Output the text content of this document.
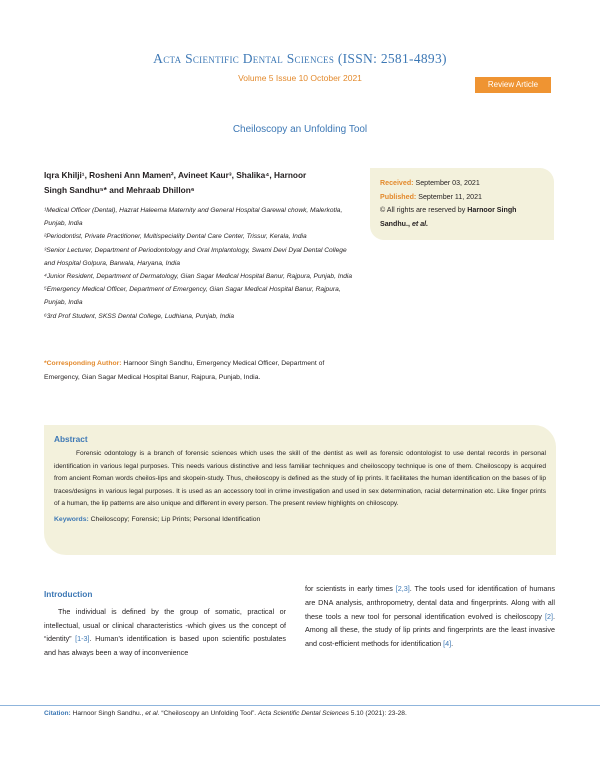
Acta Scientific Dental Sciences (ISSN: 2581-4893)
Volume 5 Issue 10 October 2021
Review Article
Cheiloscopy an Unfolding Tool
Iqra Khilji¹, Rosheni Ann Mamen², Avineet Kaur³, Shalika⁴, Harnoor
Singh Sandhu⁵* and Mehraab Dhillon⁶

¹Medical Officer (Dental), Hazrat Haleema Maternity and General Hospital Garewal chowk, Malerkotla, Punjab, India

²Periodontist, Private Practitioner, Multispeciality Dental Care Center, Trissur, Kerala, India

³Senior Lecturer, Department of Periodontology and Oral Implantology, Swami Devi Dyal Dental College and Hospital Golpura, Barwala, Haryana, India

⁴Junior Resident, Department of Dermatology, Gian Sagar Medical Hospital Banur, Rajpura, Punjab, India

⁵Emergency Medical Officer, Department of Emergency, Gian Sagar Medical Hospital Banur, Rajpura, Punjab, India

⁶3rd Prof Student, SKSS Dental College, Ludhiana, Punjab, India

*Corresponding Author: Harnoor Singh Sandhu, Emergency Medical Officer, Department of Emergency, Gian Sagar Medical Hospital Banur, Rajpura, Punjab, India.
Received: September 03, 2021
Published: September 11, 2021
© All rights are reserved by Harnoor Singh Sandhu., et al.
Abstract

Forensic odontology is a branch of forensic sciences which uses the skill of the dentist as well as forensic odontologist to use dental records in personal identification in various legal purposes. This needs various distinctive and less familiar techniques and cheiloscopy technique is one of them. Cheiloscopy is acquired from ancient Roman words cheilos-lips and skopein-study. Thus, cheiloscopy is defined as the study of lip prints. It facilitates the human identification on the bases of lip traces/designs in various legal purposes. It is used as an accessory tool in crime investigation and used in sex determination, racial determination etc. Like finger prints of a human, the lip patterns are also unique and different in every person. The present review highlights on chiloscopy.

Keywords: Cheiloscopy; Forensic; Lip Prints; Personal Identification
Introduction

The individual is defined by the group of somatic, practical or intellectual, usual or clinical characteristics -which gives us the concept of “identity” [1-3]. Human’s identification is based upon scientific postulates and has always been a way of inconvenience

for scientists in early times [2,3]. The tools used for identification of humans are DNA analysis, anthropometry, dental data and fingerprints. Along with all these tools a new tool for personal identification evolved is cheiloscopy [2]. Among all these, the study of lip prints and fingerprints are the least invasive and cost-efficient methods for identification [4].

Citation: Harnoor Singh Sandhu., et al. “Cheiloscopy an Unfolding Tool”. Acta Scientific Dental Sciences 5.10 (2021): 23-28.
